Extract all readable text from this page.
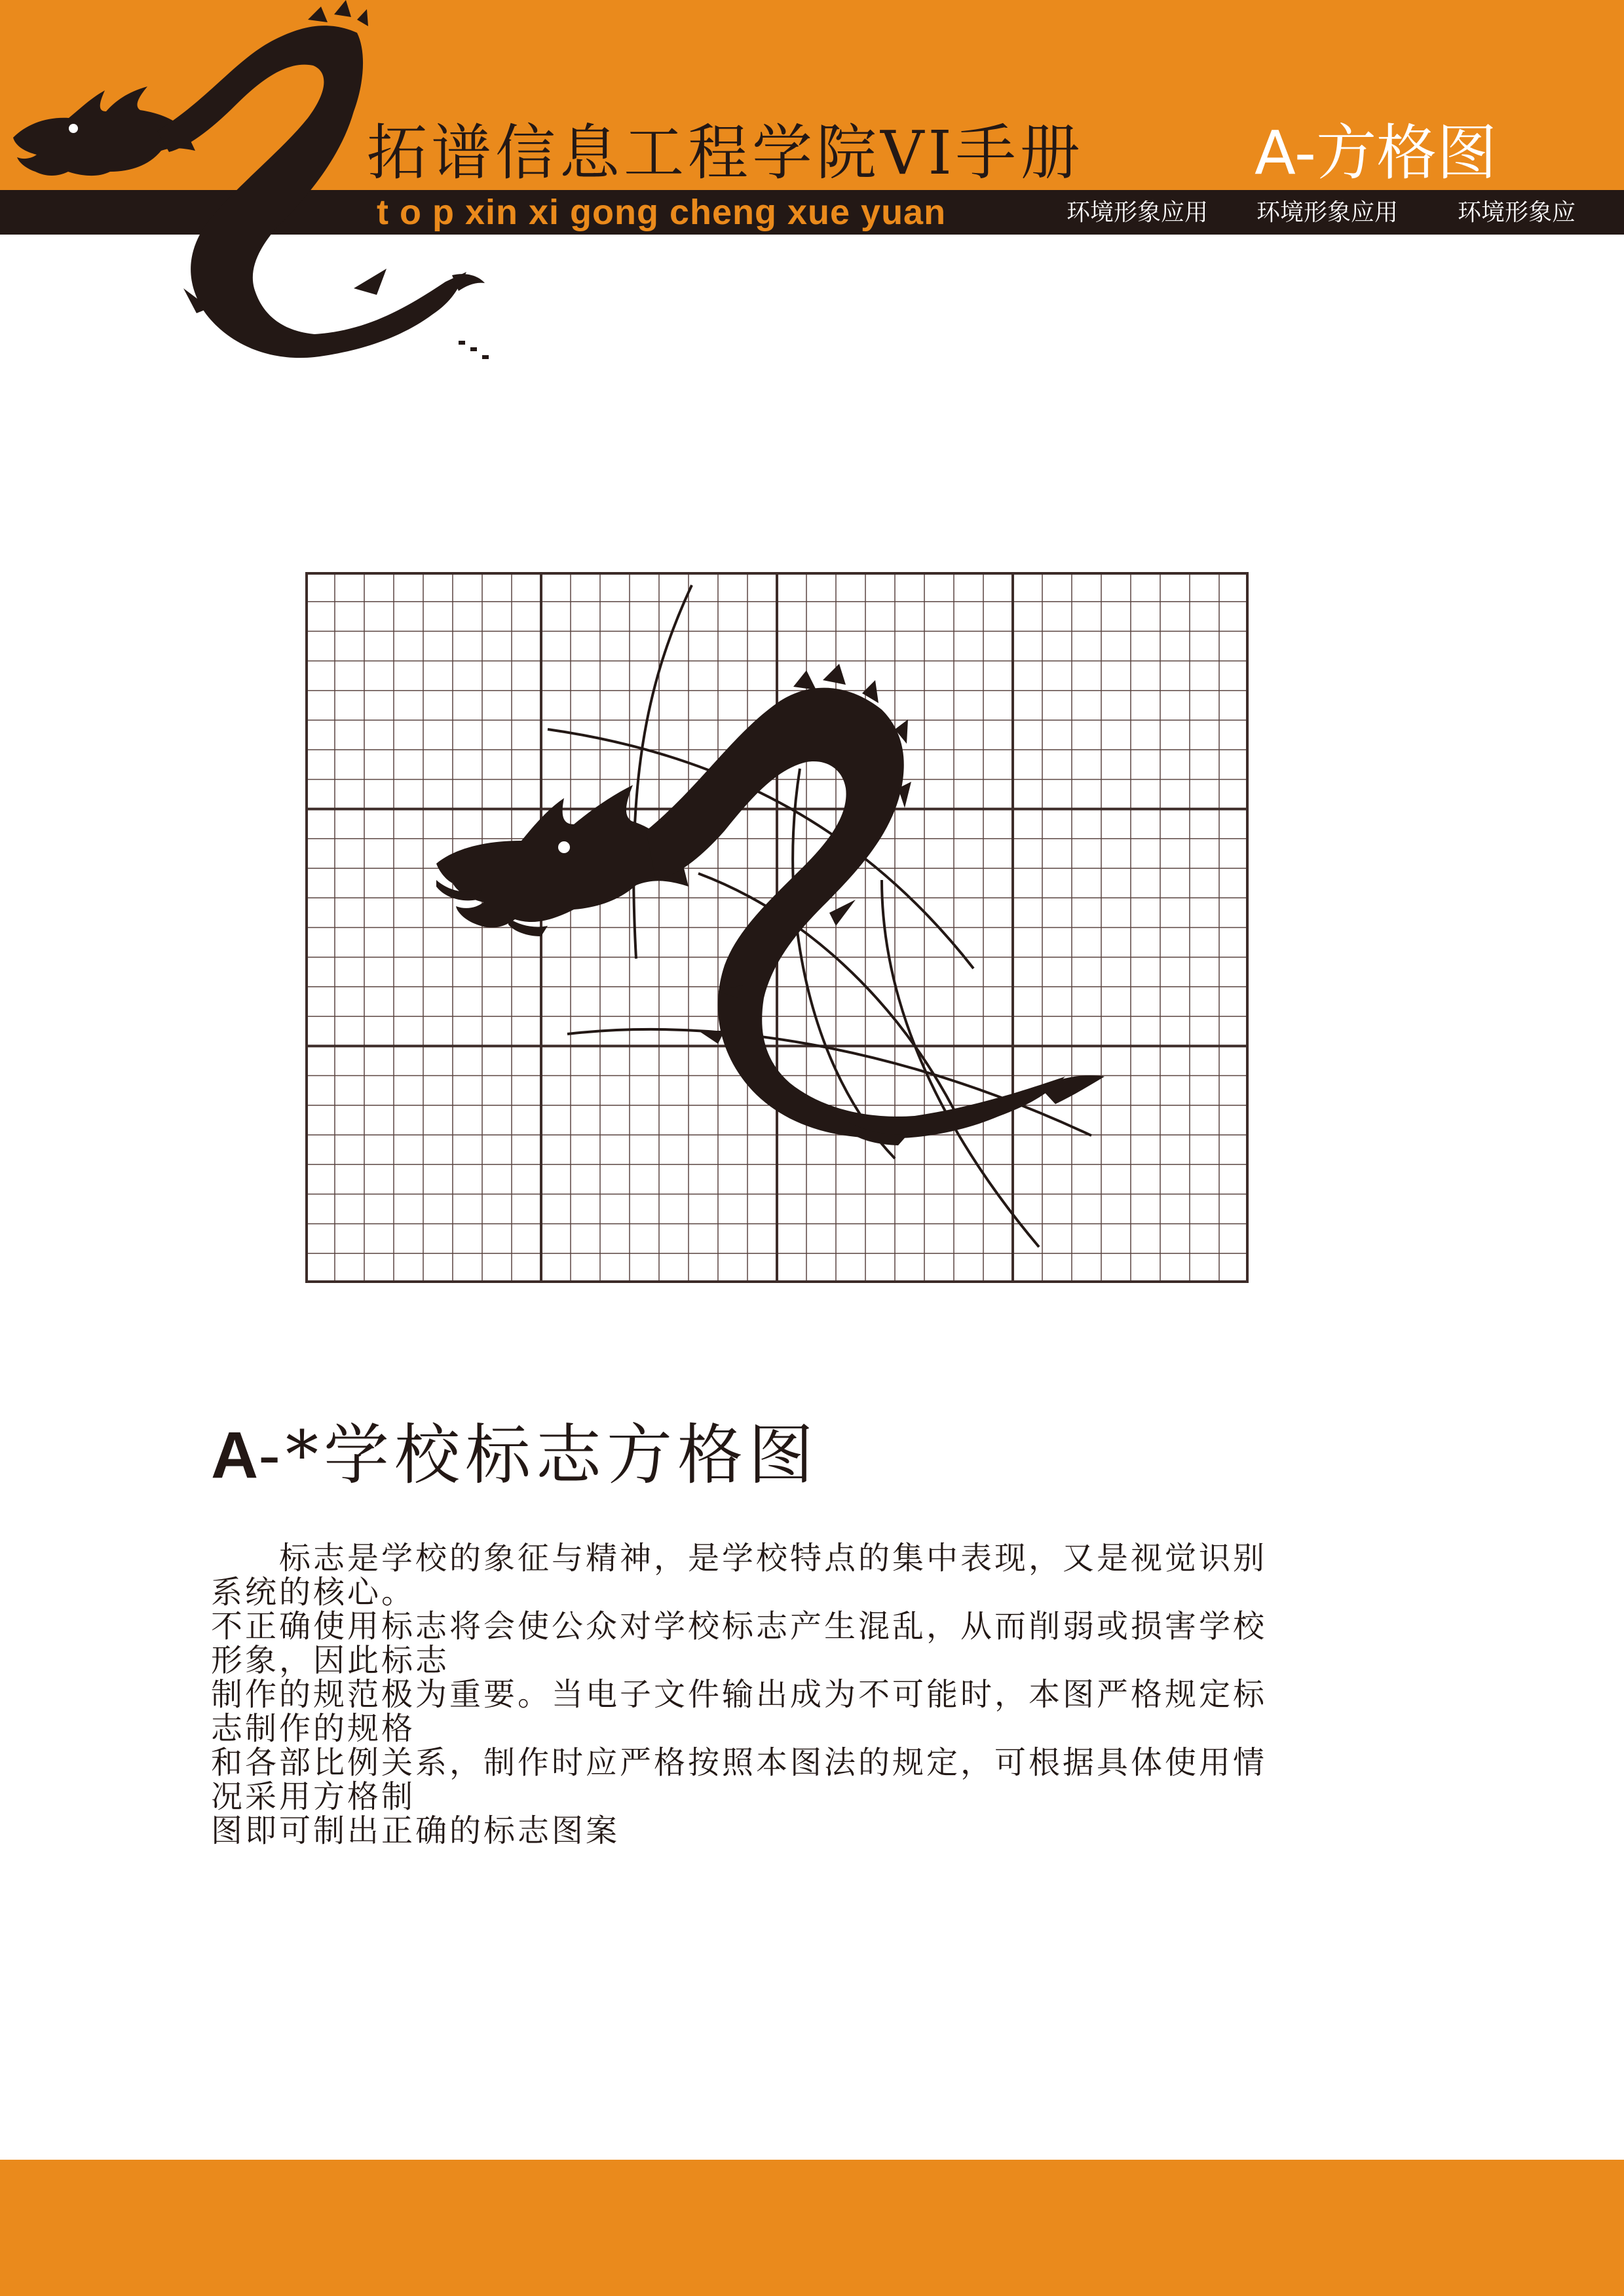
拓谱信息工程学院VI手册	A-方格图
t o p xin xi gong cheng xue yuan	环境形象应用 环境形象应用	环境形象应
A-*学校标志方格图

标志是学校的象征与精神，是学校特点的集中表现，又是视觉识别

系统的核心。

不正确使用标志将会使公众对学校标志产生混乱，从而削弱或损害学校

形象，因此标志

制作的规范极为重要。当电子文件输出成为不可能时，本图严格规定标

志制作的规格

和各部比例关系，制作时应严格按照本图法的规定，可根据具体使用情

况采用方格制

图即可制出正确的标志图案
